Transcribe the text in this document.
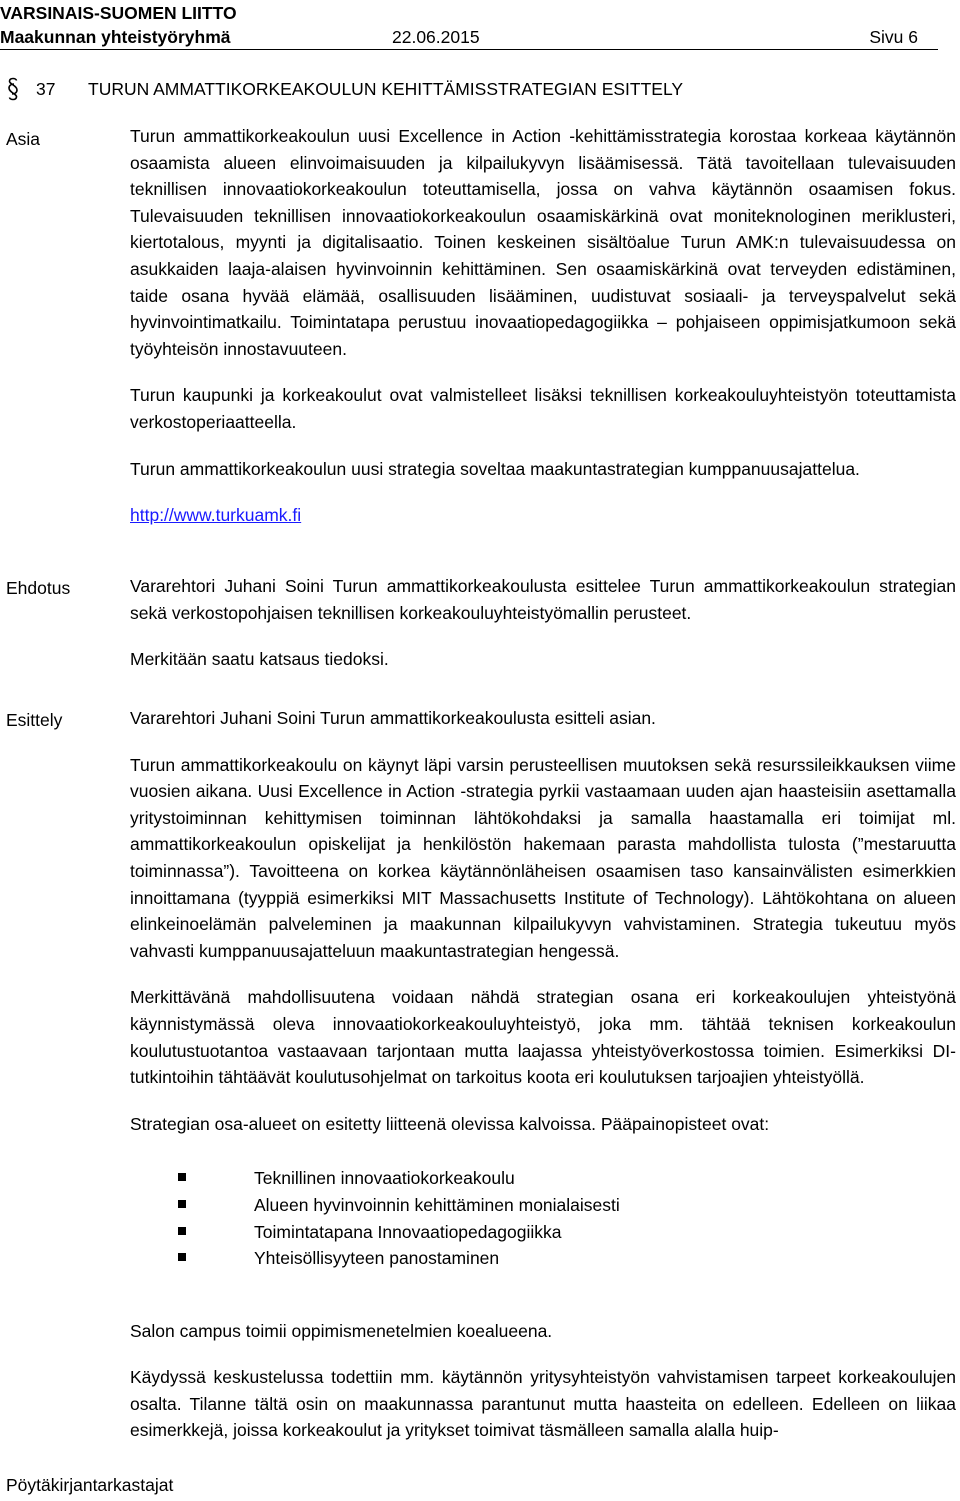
VARSINAIS-SUOMEN LIITTO
Maakunnan yhteistyöryhmä	22.06.2015	Sivu 6
37 TURUN AMMATTIKORKEAKOULUN KEHITTÄMISSTRATEGIAN ESITTELY
Asia	Turun ammattikorkeakoulun uusi Excellence in Action -kehittämisstrategia korostaa korkeaa käytännön osaamista alueen elinvoimaisuuden ja kilpailukyvyn lisäämisessä. Tätä tavoitellaan tulevaisuuden teknillisen innovaatiokorkeakoulun toteuttamisella, jossa on vahva käytännön osaamisen fokus. Tulevaisuuden teknillisen innovaatiokorkeakoulun osaamiskärkinä ovat moniteknologinen meriklusteri, kiertotalous, myynti ja digitalisaatio. Toinen keskeinen sisältöalue Turun AMK:n tulevaisuudessa on asukkaiden laaja-alaisen hyvinvoinnin kehittäminen. Sen osaamiskärkinä ovat terveyden edistäminen, taide osana hyvää elämää, osallisuuden lisääminen, uudistuvat sosiaali- ja terveyspalvelut sekä hyvinvointimatkailu. Toimintatapa perustuu inovaatiopedagogiikka – pohjaiseen oppimisjatkumoon sekä työyhteisön innostavuuteen.

Turun kaupunki ja korkeakoulut ovat valmistelleet lisäksi teknillisen korkeakouluyhteistyön toteuttamista verkostoperiaatteella.

Turun ammattikorkeakoulun uusi strategia soveltaa maakuntastrategian kumppanuusajattelua.

http://www.turkuamk.fi

Ehdotus	Vararehtori Juhani Soini Turun ammattikorkeakoulusta esittelee Turun ammattikorkeakoulun strategian sekä verkostopohjaisen teknillisen korkeakouluyhteistyömallin perusteet.

Merkitään saatu katsaus tiedoksi.

Esittely	Vararehtori Juhani Soini Turun ammattikorkeakoulusta esitteli asian.

Turun ammattikorkeakoulu on käynyt läpi varsin perusteellisen muutoksen sekä resurssileikkauksen viime vuosien aikana. Uusi Excellence in Action -strategia pyrkii vastaamaan uuden ajan haasteisiin asettamalla yritystoiminnan kehittymisen toiminnan lähtökohdaksi ja samalla haastamalla eri toimijat ml. ammattikorkeakoulun opiskelijat ja henkilöstön hakemaan parasta mahdollista tulosta (”mestaruutta toiminnassa”). Tavoitteena on korkea käytännönläheisen osaamisen taso kansainvälisten esimerkkien innoittamana (tyyppiä esimerkiksi MIT Massachusetts Institute of Technology). Lähtökohtana on alueen elinkeinoelämän palveleminen ja maakunnan kilpailukyvyn vahvistaminen. Strategia tukeutuu myös vahvasti kumppanuusajatteluun maakuntastrategian hengessä.

Merkittävänä mahdollisuutena voidaan nähdä strategian osana eri korkeakoulujen yhteistyönä käynnistymässä oleva innovaatiokorkeakouluyhteistyö, joka mm. tähtää teknisen korkeakoulun koulutustuotantoa vastaavaan tarjontaan mutta laajassa yhteistyöverkostossa toimien. Esimerkiksi DI-tutkintoihin tähtäävät koulutusohjelmat on tarkoitus koota eri koulutuksen tarjoajien yhteistyöllä.

Strategian osa-alueet on esitetty liitteenä olevissa kalvoissa. Pääpainopisteet ovat:

Teknillinen innovaatiokorkeakoulu
Alueen hyvinvoinnin kehittäminen monialaisesti
Toimintatapana Innovaatiopedagogiikka
Yhteisöllisyyteen panostaminen

Salon campus toimii oppimismenetelmien koealueena.

Käydyssä keskustelussa todettiin mm. käytännön yritysyhteistyön vahvistamisen tarpeet korkeakoulujen osalta. Tilanne tältä osin on maakunnassa parantunut mutta haasteita on edelleen. Edelleen on liikaa esimerkkejä, joissa korkeakoulut ja yritykset toimivat täsmälleen samalla alalla huip-

Pöytäkirjantarkastajat
